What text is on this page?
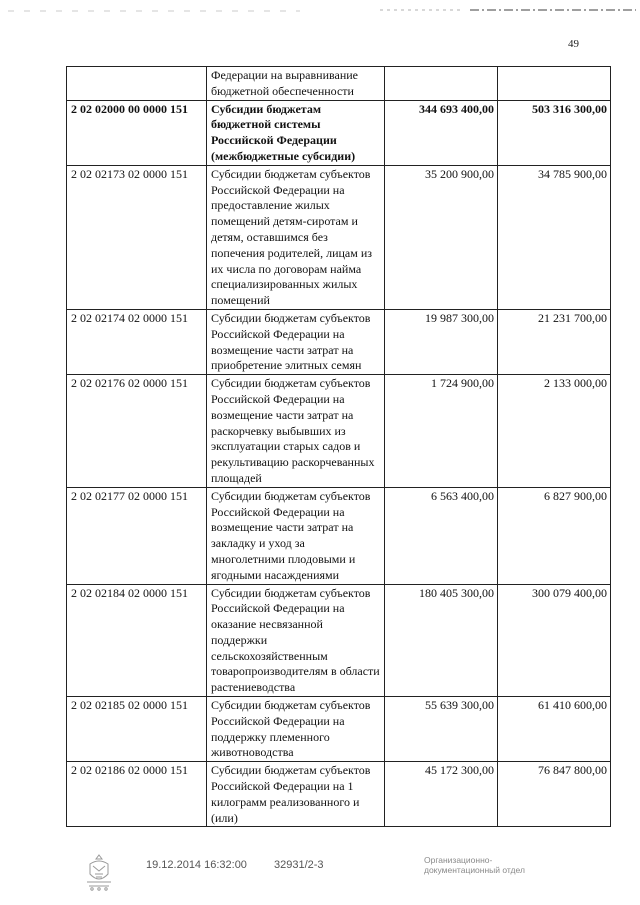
49
	Федерации на выравнивание бюджетной обеспеченности		
2 02 02000 00 0000 151	Субсидии бюджетам бюджетной системы Российской Федерации (межбюджетные субсидии)	344 693 400,00	503 316 300,00
2 02 02173 02 0000 151	Субсидии бюджетам субъектов Российской Федерации на предоставление жилых помещений детям-сиротам и детям, оставшимся без попечения родителей, лицам из их числа по договорам найма специализированных жилых помещений	35 200 900,00	34 785 900,00
2 02 02174 02 0000 151	Субсидии бюджетам субъектов Российской Федерации на возмещение части затрат на приобретение элитных семян	19 987 300,00	21 231 700,00
2 02 02176 02 0000 151	Субсидии бюджетам субъектов Российской Федерации на возмещение части затрат на раскорчевку выбывших из эксплуатации старых садов и рекультивацию раскорчеванных площадей	1 724 900,00	2 133 000,00
2 02 02177 02 0000 151	Субсидии бюджетам субъектов Российской Федерации на возмещение части затрат на закладку и уход за многолетними плодовыми и ягодными насаждениями	6 563 400,00	6 827 900,00
2 02 02184 02 0000 151	Субсидии бюджетам субъектов Российской Федерации на оказание несвязанной поддержки сельскохозяйственным товаропроизводителям в области растениеводства	180 405 300,00	300 079 400,00
2 02 02185 02 0000 151	Субсидии бюджетам субъектов Российской Федерации на поддержку племенного животноводства	55 639 300,00	61 410 600,00
2 02 02186 02 0000 151	Субсидии бюджетам субъектов Российской Федерации на 1 килограмм реализованного и (или)	45 172 300,00	76 847 800,00
19.12.2014 16:32:00 32931/2-3	Организационно-
документационный отдел
